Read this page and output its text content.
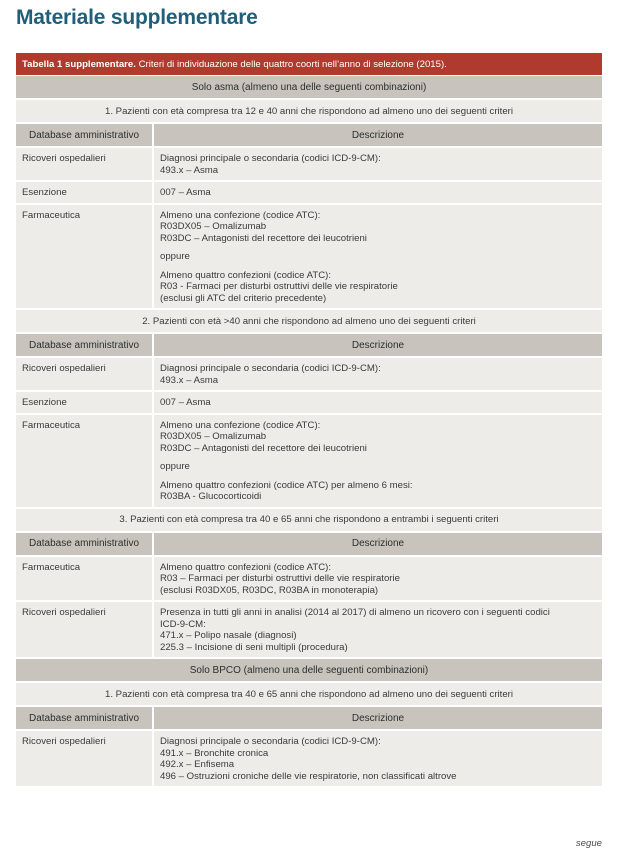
Materiale supplementare
Tabella 1 supplementare. Criteri di individuazione delle quattro coorti nell’anno di selezione (2015).
Solo asma (almeno una delle seguenti combinazioni)
1. Pazienti con età compresa tra 12 e 40 anni che rispondono ad almeno uno dei seguenti criteri
Database amministrativo	Descrizione
Ricoveri ospedalieri	Diagnosi principale o secondaria (codici ICD-9-CM):
493.x – Asma
Esenzione	007 – Asma
Farmaceutica	Almeno una confezione (codice ATC):
R03DX05 – Omalizumab
R03DC – Antagonisti del recettore dei leucotrieni
oppure
Almeno quattro confezioni (codice ATC):
R03 - Farmaci per disturbi ostruttivi delle vie respiratorie
(esclusi gli ATC del criterio precedente)
2. Pazienti con età >40 anni che rispondono ad almeno uno dei seguenti criteri
Database amministrativo	Descrizione
Ricoveri ospedalieri	Diagnosi principale o secondaria (codici ICD-9-CM):
493.x – Asma
Esenzione	007 – Asma
Farmaceutica	Almeno una confezione (codice ATC):
R03DX05 – Omalizumab
R03DC – Antagonisti del recettore dei leucotrieni
oppure
Almeno quattro confezioni (codice ATC) per almeno 6 mesi:
R03BA - Glucocorticoidi
3. Pazienti con età compresa tra 40 e 65 anni che rispondono a entrambi i seguenti criteri
Database amministrativo	Descrizione
Farmaceutica	Almeno quattro confezioni (codice ATC):
R03 – Farmaci per disturbi ostruttivi delle vie respiratorie
(esclusi R03DX05, R03DC, R03BA in monoterapia)
Ricoveri ospedalieri	Presenza in tutti gli anni in analisi (2014 al 2017) di almeno un ricovero con i seguenti codici
ICD-9-CM:
471.x – Polipo nasale (diagnosi)
225.3 – Incisione di seni multipli (procedura)
Solo BPCO (almeno una delle seguenti combinazioni)
1. Pazienti con età compresa tra 40 e 65 anni che rispondono ad almeno uno dei seguenti criteri
Database amministrativo	Descrizione
Ricoveri ospedalieri	Diagnosi principale o secondaria (codici ICD-9-CM):
491.x – Bronchite cronica
492.x – Enfisema
496 – Ostruzioni croniche delle vie respiratorie, non classificati altrove
segue
